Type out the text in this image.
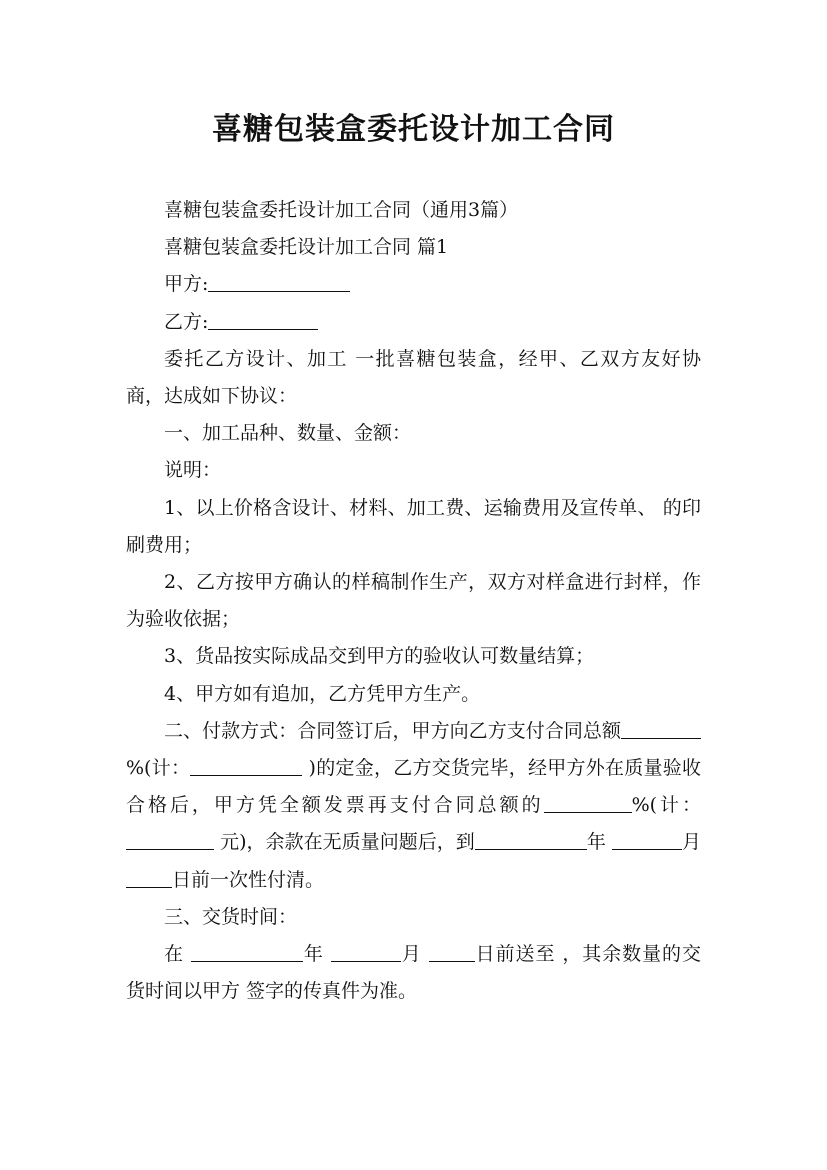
喜糖包装盒委托设计加工合同

喜糖包装盒委托设计加工合同（通用3篇）

喜糖包装盒委托设计加工合同 篇1

甲方:

乙方:

委托乙方设计、加工 一批喜糖包装盒，经甲、乙双方友好协商，达成如下协议：

一、加工品种、数量、金额：

说明：

1、以上价格含设计、材料、加工费、运输费用及宣传单、 的印刷费用；

2、乙方按甲方确认的样稿制作生产，双方对样盒进行封样，作为验收依据；

3、货品按实际成品交到甲方的验收认可数量结算；

4、甲方如有追加，乙方凭甲方生产。

二、付款方式：合同签订后，甲方向乙方支付合同总额 %(计：	)的定金，乙方交货完毕，经甲方外在质量验收合格后，甲方凭全额发票再支付合同总额的	%(计： 元)，余款在无质量问题后，到	年	月 日前一次性付清。

三、交货时间：

在	年	月	日前送至 ，其余数量的交货时间以甲方 签字的传真件为准。
